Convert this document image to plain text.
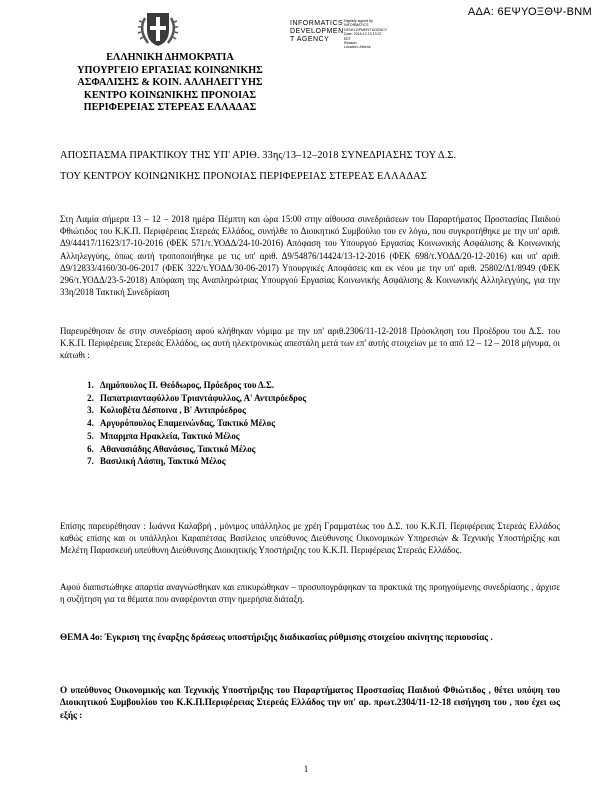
ΑΔΑ: 6ΕΨΥΟΞΘΨ-ΒΝΜ
INFORMATICS
DEVELOPMEN
T AGENCY
Digitally signed by
INFORMATICS
DEVELOPMENT AGENCY
Date: 2018.12.13 13:37
EET
Reason:
Location: Athens
ΕΛΛΗΝΙΚΗ ΔΗΜΟΚΡΑΤΙΑ
ΥΠΟΥΡΓΕΙΟ ΕΡΓΑΣΙΑΣ ΚΟΙΝΩΝΙΚΗΣ
ΑΣΦΑΛΙΣΗΣ & ΚΟΙΝ. ΑΛΛΗΛΕΓΓΥΗΣ
ΚΕΝΤΡΟ ΚΟΙΝΩΝΙΚΗΣ ΠΡΟΝΟΙΑΣ
ΠΕΡΙΦΕΡΕΙΑΣ ΣΤΕΡΕΑΣ ΕΛΛΑΔΑΣ
ΑΠΟΣΠΑΣΜΑ ΠΡΑΚΤΙΚΟΥ ΤΗΣ ΥΠ' ΑΡΙΘ. 33ης/13–12–2018 ΣΥΝΕΔΡΙΑΣΗΣ ΤΟΥ Δ.Σ.
ΤΟΥ ΚΕΝΤΡΟΥ ΚΟΙΝΩΝΙΚΗΣ ΠΡΟΝΟΙΑΣ ΠΕΡΙΦΕΡΕΙΑΣ ΣΤΕΡΕΑΣ ΕΛΛΑΔΑΣ
Στη Λαμία σήμερα 13 – 12 – 2018 ημέρα Πέμπτη και ώρα 15:00 στην αίθουσα συνεδριάσεων του Παραρτήματος Προστασίας Παιδιού Φθιώτιδος του Κ.Κ.Π. Περιφέρειας Στερεάς Ελλάδος, συνήλθε το Διοικητικό Συμβούλιο του εν λόγω, που συγκροτήθηκε με την υπ' αριθ. Δ9/44417/11623/17-10-2016 (ΦΕΚ 571/τ.ΥΟΔΔ/24-10-2016) Απόφαση του Υπουργού Εργασίας Κοινωνικής Ασφάλισης & Κοινωνικής Αλληλεγγύης, όπως αυτή τροποποιήθηκε με τις υπ' αριθ. Δ9/54876/14424/13-12-2016 (ΦΕΚ 698/τ.ΥΟΔΔ/20-12-2016) και υπ' αριθ. Δ9/12833/4160/30-06-2017 (ΦΕΚ 322/τ.ΥΟΔΔ/30-06-2017) Υπουργικές Αποφάσεις και εκ νέου με την υπ' αριθ. 25802/Δ1/8949 (ΦΕΚ 296/τ.ΥΟΔΔ/23-5-2018) Απόφαση της Αναπληρώτριας Υπουργού Εργασίας Κοινωνικής Ασφάλισης & Κοινωνικής Αλληλεγγύης, για την 33η/2018 Τακτική Συνεδρίαση
Παρευρέθησαν δε στην συνεδρίαση αφού κλήθηκαν νόμιμα με την υπ' αριθ.2306/11-12-2018 Πρόσκληση του Προέδρου του Δ.Σ. του Κ.Κ.Π. Περιφέρειας Στερεάς Ελλάδος, ως αυτή ηλεκτρονικώς απεστάλη μετά των επ' αυτής στοιχείων με το από 12 – 12 – 2018 μήνυμα, οι κάτωθι :
1. Δημόπουλος Π. Θεόδωρος, Πρόεδρος του Δ.Σ.
2. Παπατριανταφύλλου Τριαντάφυλλος, Α' Αντιπρόεδρος
3. Κολιοβέτα Δέσποινα , Β' Αντιπρόεδρος
4. Αργυρόπουλος Επαμεινώνδας, Τακτικό Μέλος
5. Μπαρμπα Ηρακλεία, Τακτικό Μέλος
6. Αθανασιάδης Αθανάσιος, Τακτικό Μέλος
7. Βασιλική Λάσπη, Τακτικό Μέλος
Επίσης παρευρέθησαν : Ιωάννα Καλαβρή , μόνιμος υπάλληλος με χρέη Γραμματέως του Δ.Σ. του Κ.Κ.Π. Περιφέρειας Στερεάς Ελλάδος καθώς επίσης και οι υπάλληλοι Καραπέτσας Βασίλειος υπεύθυνος Διεύθυνσης Οικονομικών Υπηρεσιών & Τεχνικής Υποστήριξης και Μελέτη Παρασκευή υπεύθυνη Διεύθυνσης Διοικητικής Υποστήριξης του Κ.Κ.Π. Περιφέρειας Στερεάς Ελλάδος.
Αφού διαπιστώθηκε απαρτία αναγνώσθηκαν και επικυρώθηκαν – προσυπογράφηκαν τα πρακτικά της προηγούμενης συνεδρίασης , άρχισε η συζήτηση για τα θέματα που αναφέρονται στην ημερήσια διάταξη.
ΘΕΜΑ 4ο: Έγκριση της έναρξης δράσεως υποστήριξης διαδικασίας ρύθμισης στοιχείου ακίνητης περιουσίας .
Ο υπεύθυνος Οικονομικής και Τεχνικής Υποστήριξης του Παραρτήματος Προστασίας Παιδιού Φθιώτιδος , θέτει υπόψη του Διοικητικού Συμβουλίου του Κ.Κ.Π.Περιφέρειας Στερεάς Ελλάδος την υπ' αρ. πρωτ.2304/11-12-18 εισήγηση του , που έχει ως εξής :
1
